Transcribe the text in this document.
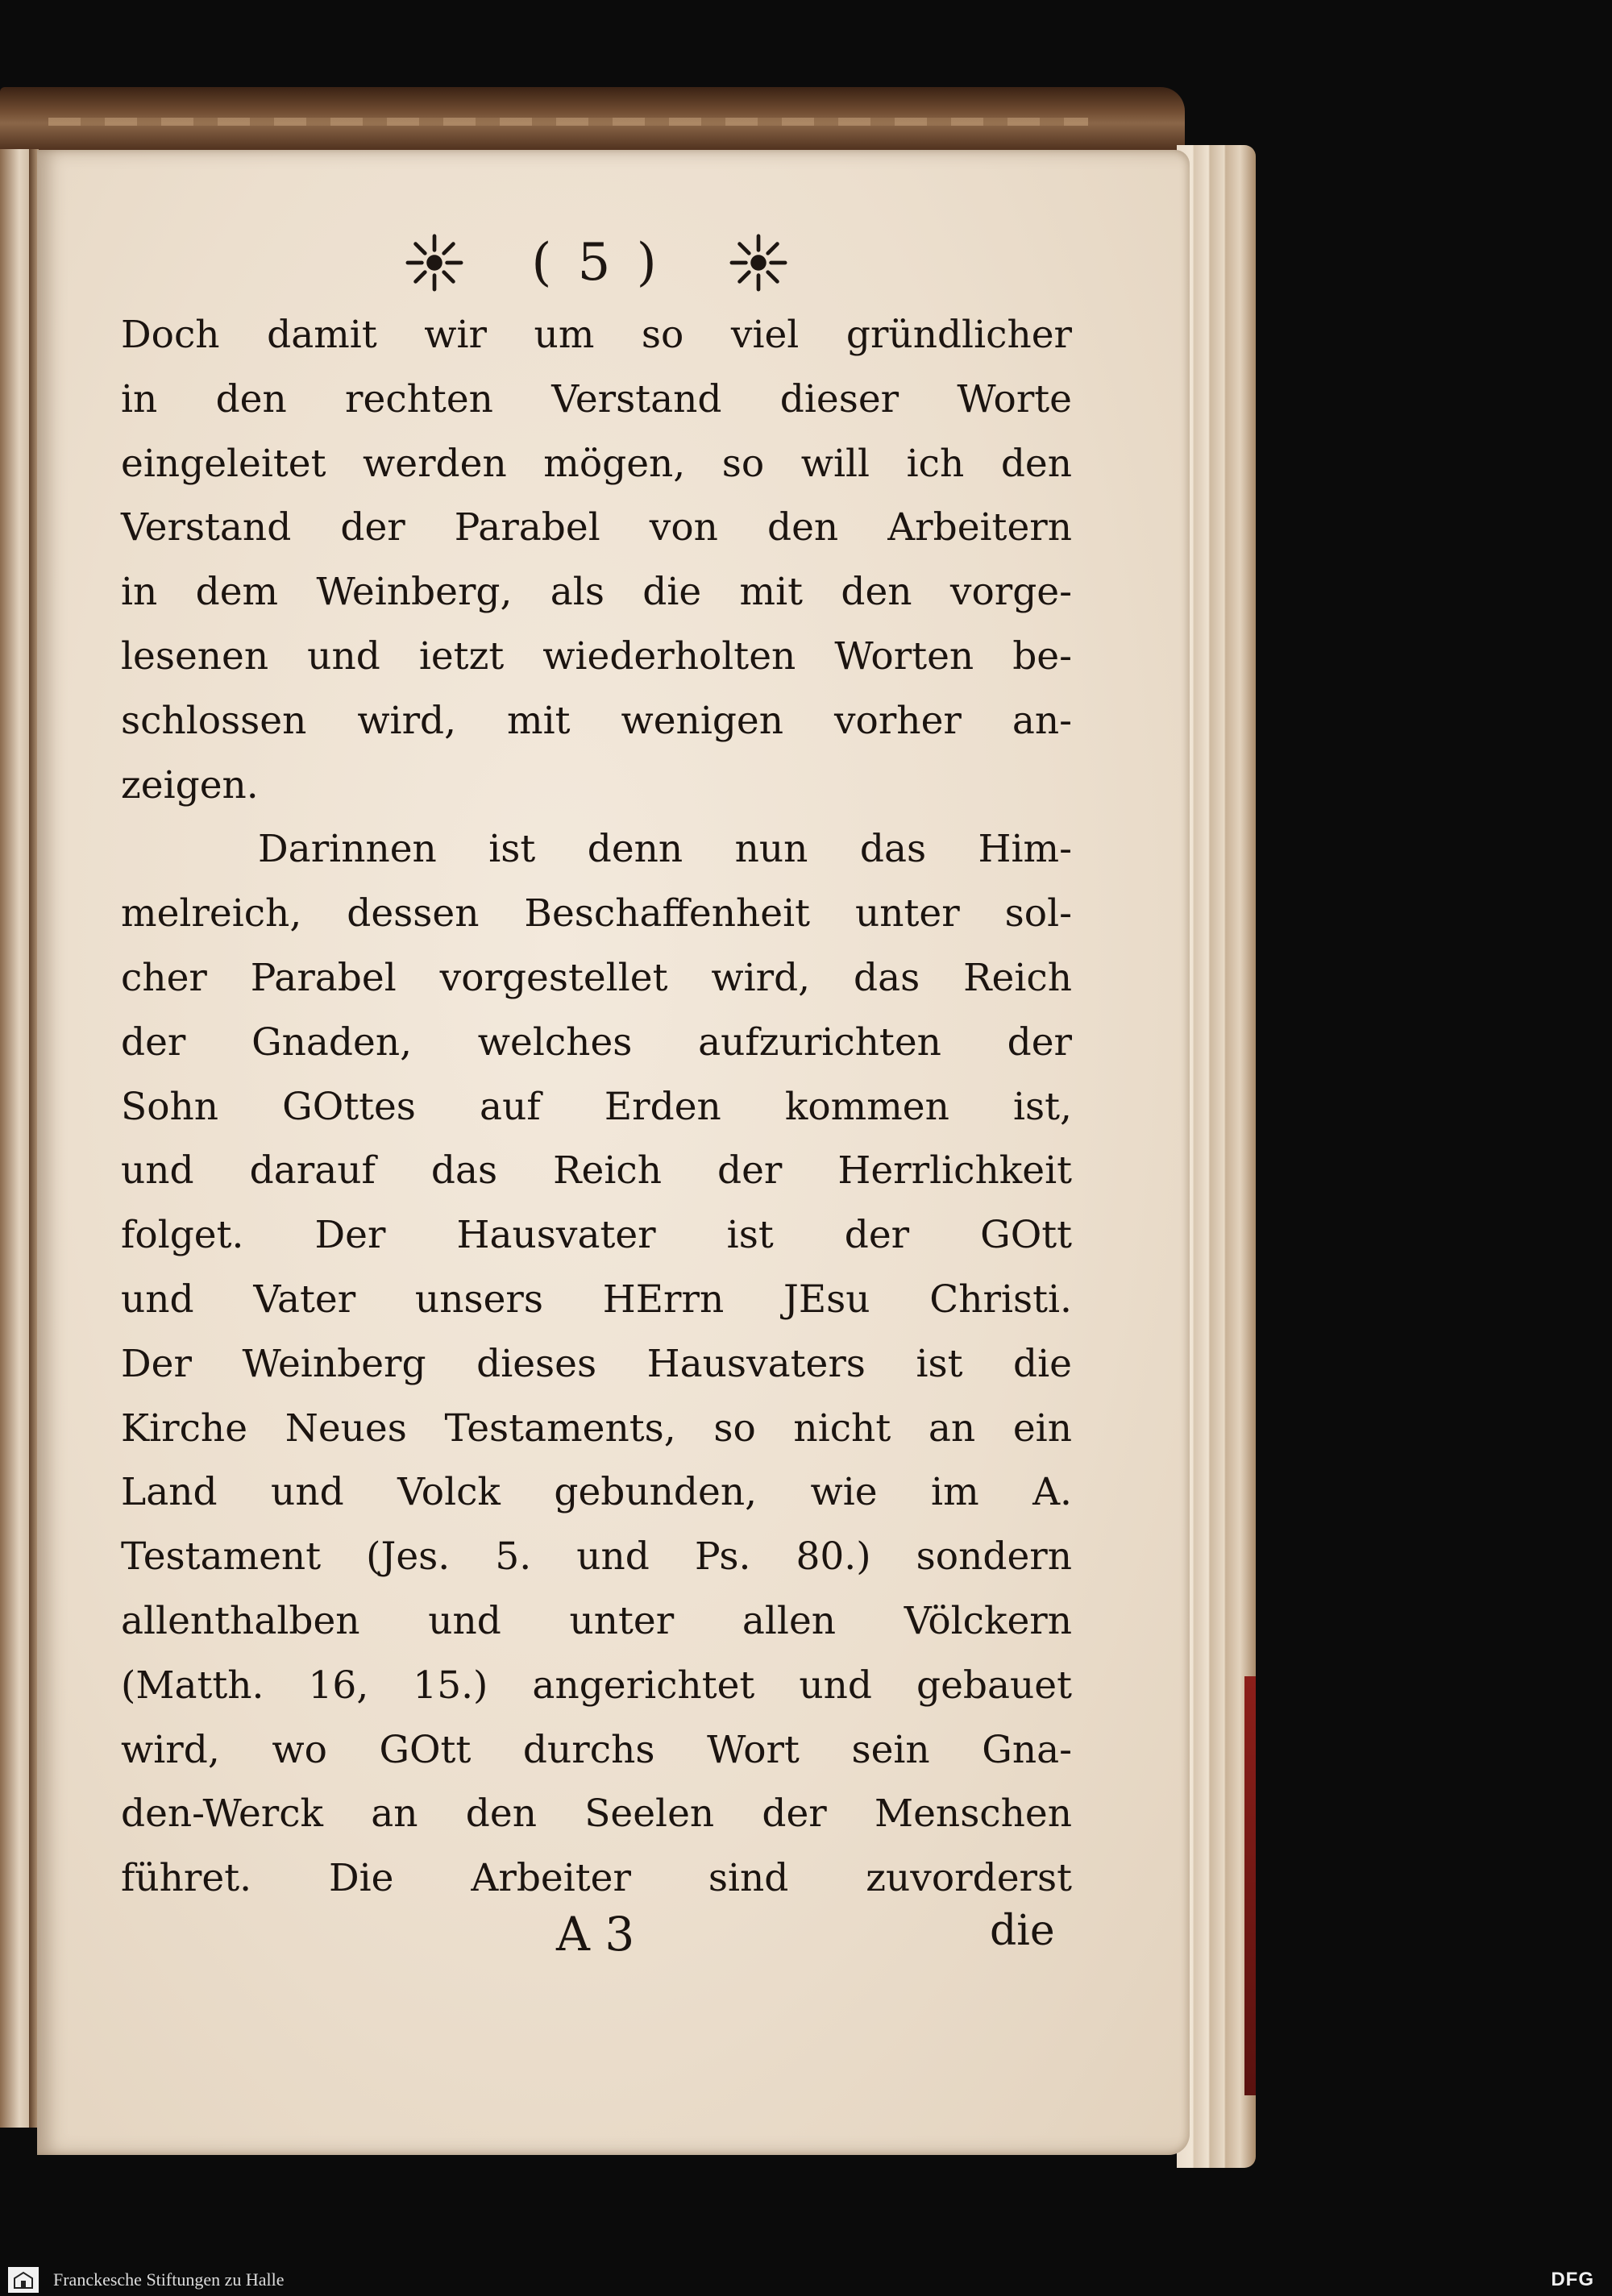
( 5 )
Doch damit wir um so viel gründlicher
in den rechten Verstand dieser Worte
eingeleitet werden mögen, so will ich den
Verstand der Parabel von den Arbeitern
in dem Weinberg, als die mit den vorge-
lesenen und ietzt wiederholten Worten be-
schlossen wird, mit wenigen vorher an-
zeigen.
Darinnen ist denn nun das Him-
melreich, dessen Beschaffenheit unter sol-
cher Parabel vorgestellet wird, das Reich
der Gnaden, welches aufzurichten der
Sohn GOttes auf Erden kommen ist,
und darauf das Reich der Herrlichkeit
folget. Der Hausvater ist der GOtt
und Vater unsers HErrn JEsu Christi.
Der Weinberg dieses Hausvaters ist die
Kirche Neues Testaments, so nicht an ein
Land und Volck gebunden, wie im A.
Testament (Jes. 5. und Ps. 80.) sondern
allenthalben und unter allen Völckern
(Matth. 16, 15.) angerichtet und gebauet
wird, wo GOtt durchs Wort sein Gna-
den-Werck an den Seelen der Menschen
führet. Die Arbeiter sind zuvorderst
A 3	die
Franckesche Stiftungen zu Halle	DFG
